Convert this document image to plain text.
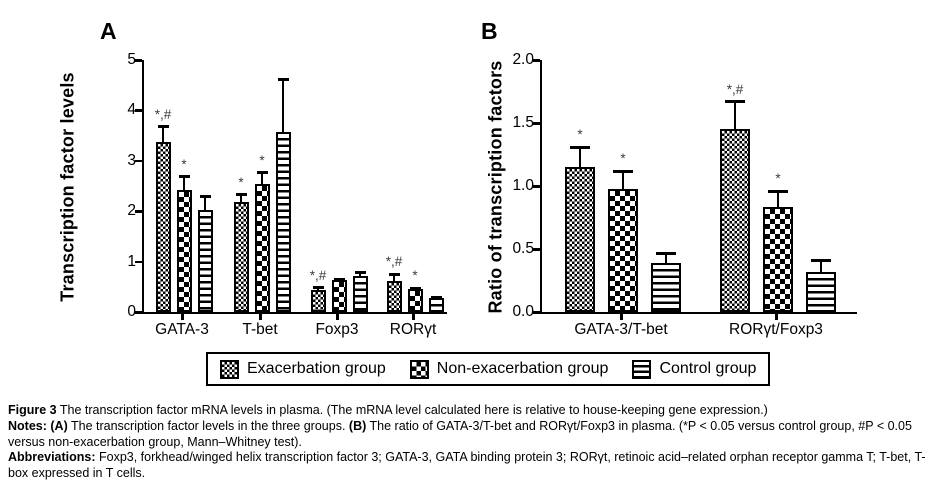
A
Transcription factor levels
0
1
2
3
4
5
*,#
*
*,#
*,#
*	*
*
GATA-3	T-bet	Foxp3	RORγt
B
Ratio of transcription factors 0.0
0.5
1.0
1.5
2.0
*
*,#
*
*
GATA-3/T-bet	RORγt/Foxp3
Exacerbation group	Non-exacerbation group	Control group

Figure 3 The transcription factor mRNA levels in plasma. (The mRNA level calculated here is relative to house-keeping gene expression.)

Notes: (A) The transcription factor levels in the three groups. (B) The ratio of GATA-3/T-bet and RORγt/Foxp3 in plasma. (*P < 0.05 versus control group, #P < 0.05 versus non-exacerbation group, Mann–Whitney test).

Abbreviations: Foxp3, forkhead/winged helix transcription factor 3; GATA-3, GATA binding protein 3; RORγt, retinoic acid–related orphan receptor gamma T; T-bet, T-box expressed in T cells.
